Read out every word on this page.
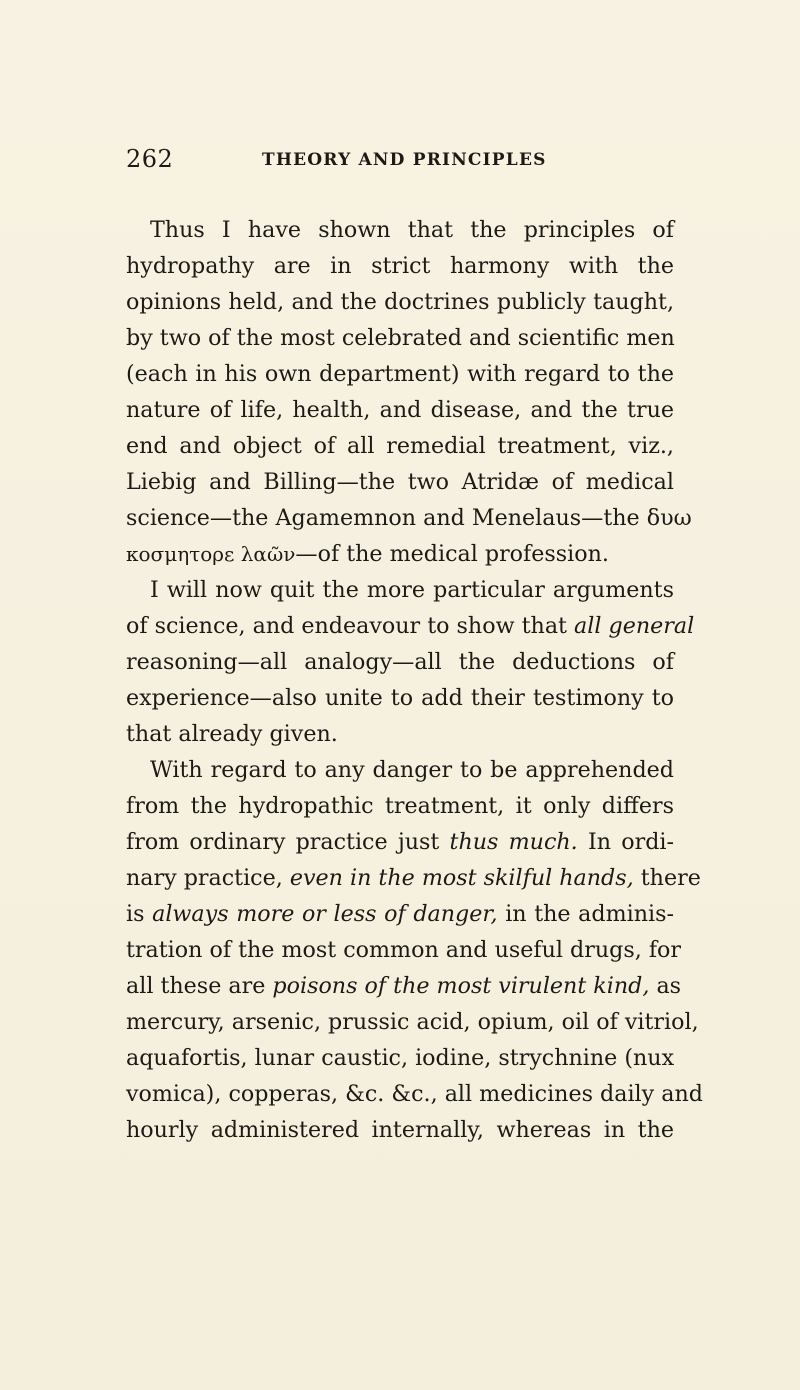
262	THEORY AND PRINCIPLES
Thus I have shown that the principles of
hydropathy are in strict harmony with the
opinions held, and the doctrines publicly taught,
by two of the most celebrated and scientific men
(each in his own department) with regard to the
nature of life, health, and disease, and the true
end and object of all remedial treatment, viz.,
Liebig and Billing—the two Atridæ of medical
science—the Agamemnon and Menelaus—the δυω
κοσμητορε λαῶν—of the medical profession.
I will now quit the more particular arguments
of science, and endeavour to show that all general
reasoning—all analogy—all the deductions of
experience—also unite to add their testimony to
that already given.
With regard to any danger to be apprehended
from the hydropathic treatment, it only differs
from ordinary practice just thus much. In ordi-
nary practice, even in the most skilful hands, there
is always more or less of danger, in the adminis-
tration of the most common and useful drugs, for
all these are poisons of the most virulent kind, as
mercury, arsenic, prussic acid, opium, oil of vitriol,
aquafortis, lunar caustic, iodine, strychnine (nux
vomica), copperas, &c. &c., all medicines daily and
hourly administered internally, whereas in the
